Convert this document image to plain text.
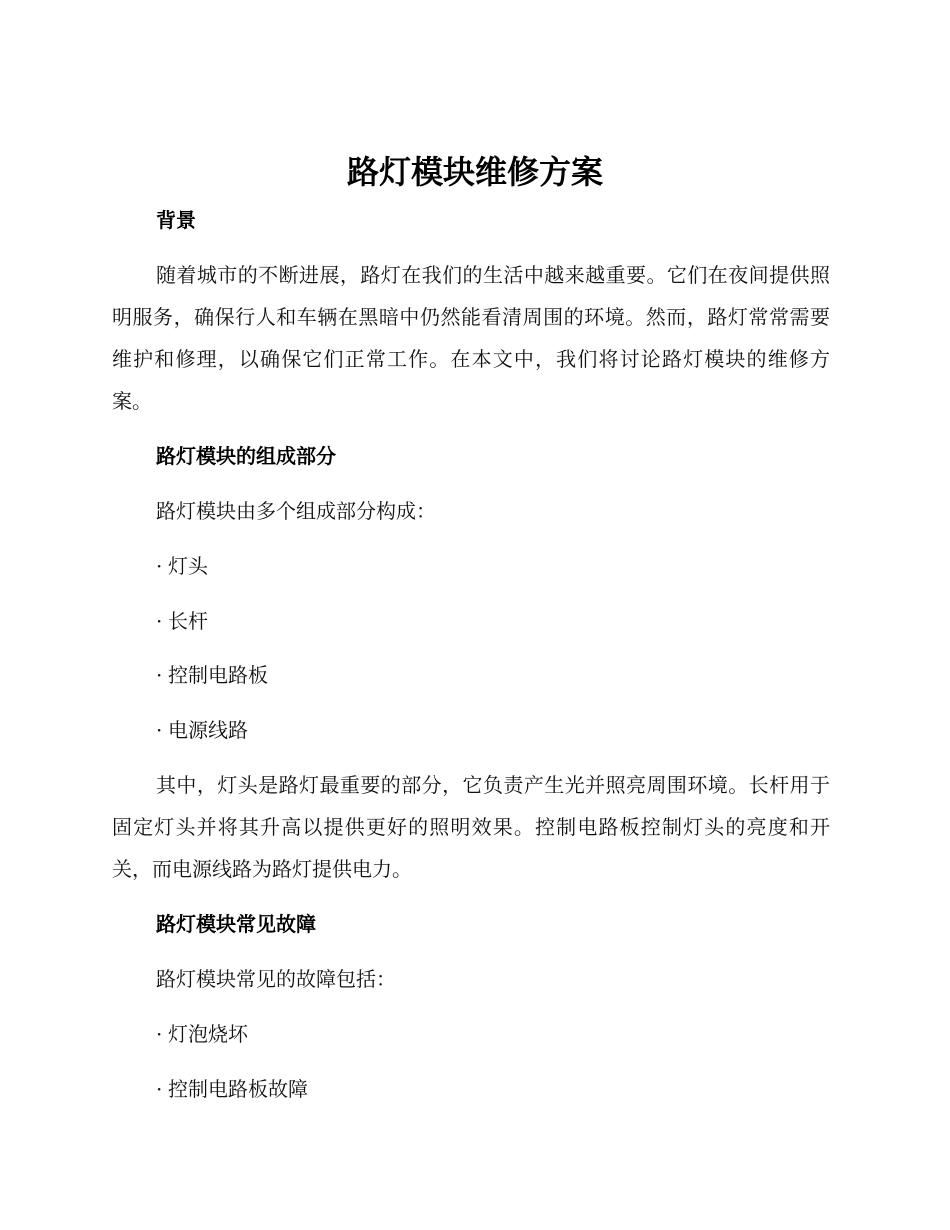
路灯模块维修方案
背景

随着城市的不断进展，路灯在我们的生活中越来越重要。它们在夜间提供照明服务，确保行人和车辆在黑暗中仍然能看清周围的环境。然而，路灯常常需要维护和修理，以确保它们正常工作。在本文中，我们将讨论路灯模块的维修方案。

路灯模块的组成部分

路灯模块由多个组成部分构成：

· 灯头

· 长杆

· 控制电路板

· 电源线路

其中，灯头是路灯最重要的部分，它负责产生光并照亮周围环境。长杆用于固定灯头并将其升高以提供更好的照明效果。控制电路板控制灯头的亮度和开关，而电源线路为路灯提供电力。

路灯模块常见故障

路灯模块常见的故障包括：

· 灯泡烧坏

· 控制电路板故障
